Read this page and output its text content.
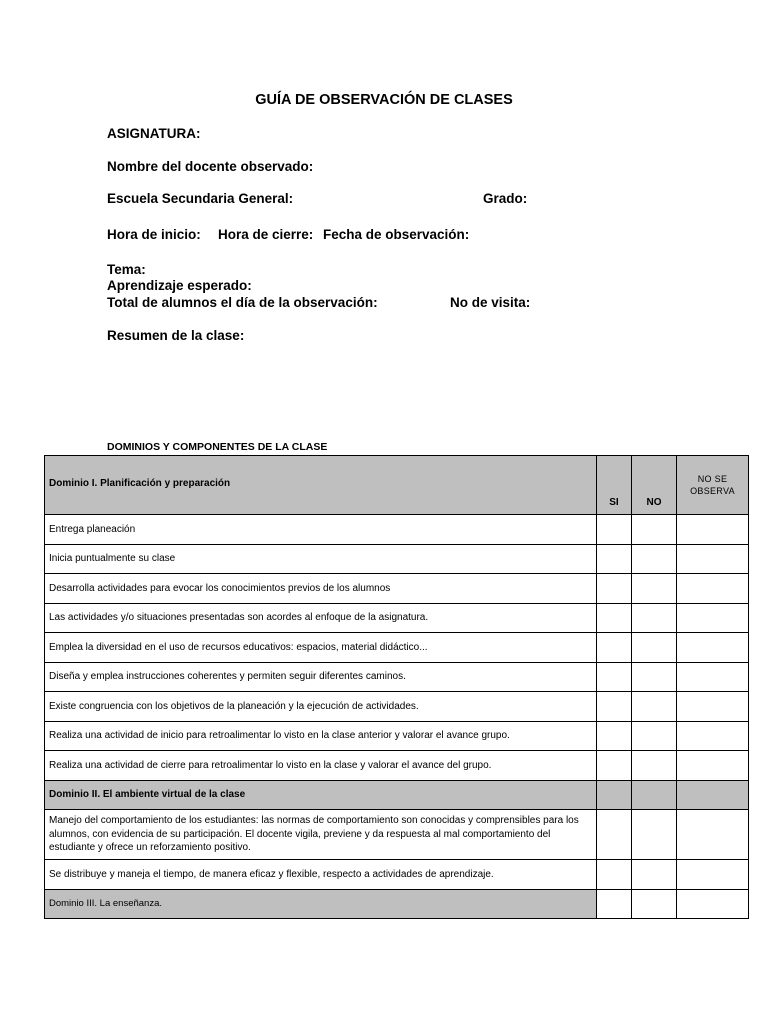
GUÍA DE OBSERVACIÓN DE CLASES
ASIGNATURA:
Nombre del docente observado:
Escuela Secundaria General:	Grado:
Hora de inicio: Hora de cierre: Fecha de observación:
Tema:
Aprendizaje esperado:
Total de alumnos el día de la observación:	No de visita:
Resumen de la clase:
DOMINIOS Y COMPONENTES DE LA CLASE
Dominio I. Planificación y preparación	SI	NO	NO SE
OBSERVA
Entrega planeación			
Inicia puntualmente su clase			
Desarrolla actividades para evocar los conocimientos previos de los alumnos			
Las actividades y/o situaciones presentadas son acordes al enfoque de la asignatura.			
Emplea la diversidad en el uso de recursos educativos: espacios, material didáctico...			
Diseña y emplea instrucciones coherentes y permiten seguir diferentes caminos.			
Existe congruencia con los objetivos de la planeación y la ejecución de actividades.			
Realiza una actividad de inicio para retroalimentar lo visto en la clase anterior y valorar el avance grupo.			
Realiza una actividad de cierre para retroalimentar lo visto en la clase y valorar el avance del grupo.			
Dominio II. El ambiente virtual de la clase			
Manejo del comportamiento de los estudiantes: las normas de comportamiento son conocidas y comprensibles para los alumnos, con evidencia de su participación. El docente vigila, previene y da respuesta al mal comportamiento del estudiante y ofrece un reforzamiento positivo.			
Se distribuye y maneja el tiempo, de manera eficaz y flexible, respecto a actividades de aprendizaje.			
Dominio III. La enseñanza.			
